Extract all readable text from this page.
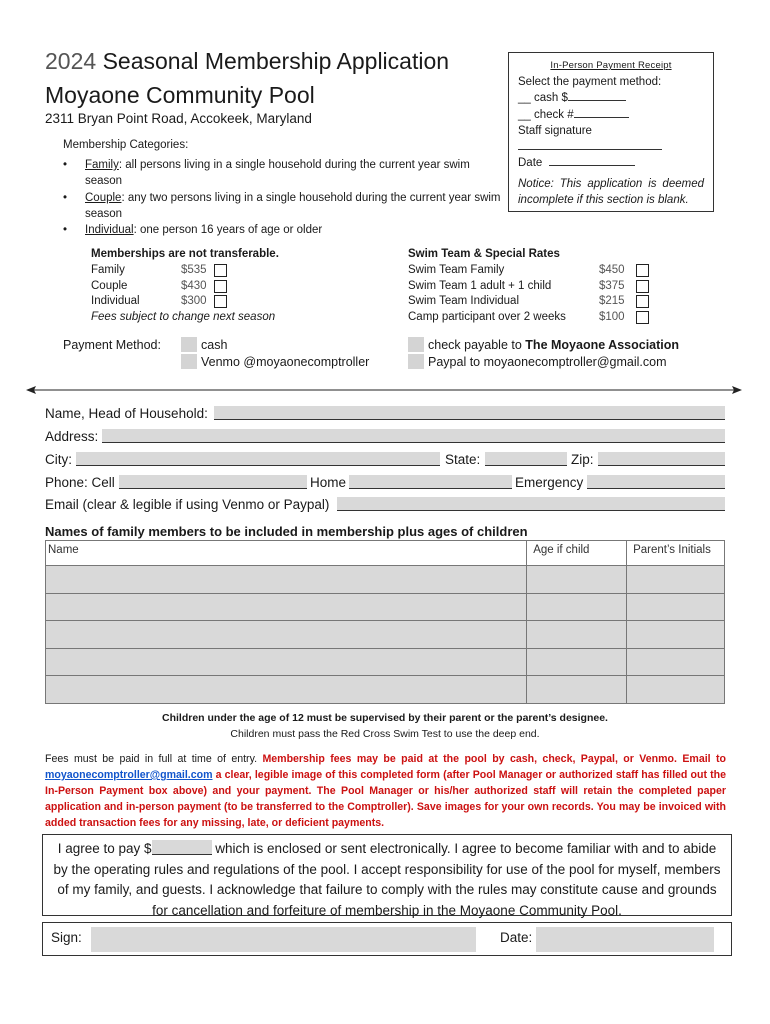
2024 Seasonal Membership Application
Moyaone Community Pool
2311 Bryan Point Road, Accokeek, Maryland
Membership Categories:
• Family: all persons living in a single household during the current year swim season
• Couple: any two persons living in a single household during the current year swim season
• Individual: one person 16 years of age or older
In-Person Payment Receipt
Select the payment method:
__ cash $
__ check #
Staff signature
Date
Notice: This application is deemed incomplete if this section is blank.
Memberships are not transferable.
Family	$535
Couple	$430
Individual	$300
Fees subject to change next season
Swim Team & Special Rates
Swim Team Family	$450
Swim Team 1 adult + 1 child	$375
Swim Team Individual	$215
Camp participant over 2 weeks	$100
Payment Method:	cash
Venmo @moyaonecomptroller
check payable to The Moyaone Association
Paypal to moyaonecomptroller@gmail.com
Name, Head of Household:
Address:
City:	State:	Zip:
Phone: Cell	Home	Emergency
Email (clear & legible if using Venmo or Paypal)
Names of family members to be included in membership plus ages of children
Name	Age if child	Parent’s Initials

Children under the age of 12 must be supervised by their parent or the parent’s designee.
Children must pass the Red Cross Swim Test to use the deep end.
Fees must be paid in full at time of entry. Membership fees may be paid at the pool by cash, check, Paypal, or Venmo. Email to moyaonecomptroller@gmail.com a clear, legible image of this completed form (after Pool Manager or authorized staff has filled out the In-Person Payment box above) and your payment. The Pool Manager or his/her authorized staff will retain the completed paper application and in-person payment (to be transferred to the Comptroller). Save images for your own records. You may be invoiced with added transaction fees for any missing, late, or deficient payments.
I agree to pay $	which is enclosed or sent electronically. I agree to become familiar with and to abide by the operating rules and regulations of the pool. I accept responsibility for use of the pool for myself, members of my family, and guests. I acknowledge that failure to comply with the rules may constitute cause and grounds for cancellation and forfeiture of membership in the Moyaone Community Pool.
Sign:	Date:
